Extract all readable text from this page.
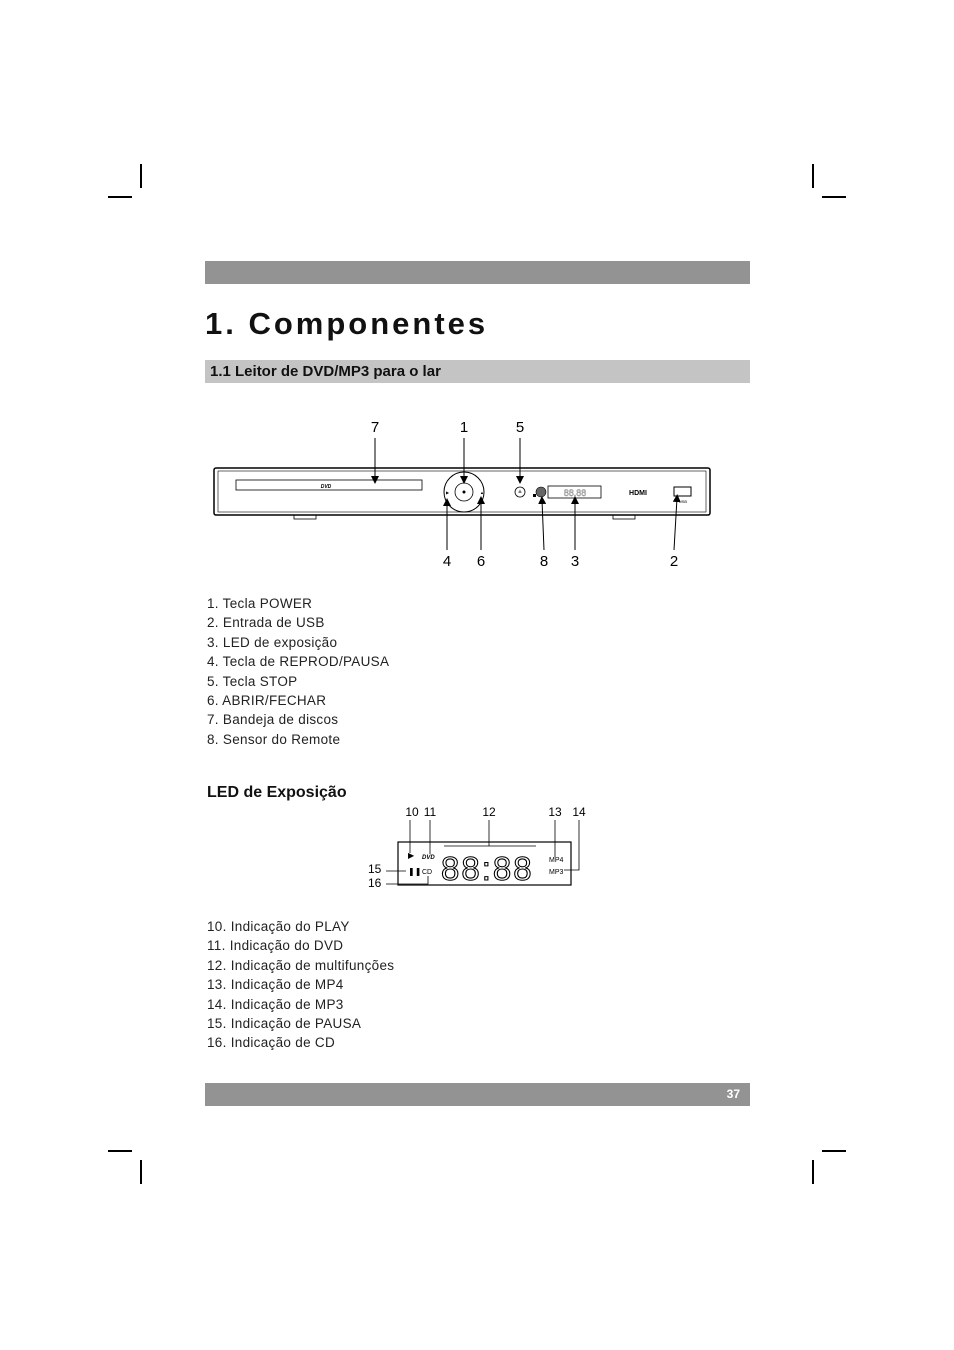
1. Componentes
1.1 Leitor de DVD/MP3 para o lar
7	1	5
4 6	8 3	2
DVD
▶	▲	≜	88.88	HDMI
USB
1. Tecla POWER
2. Entrada de USB
3. LED de exposição
4. Tecla de REPROD/PAUSA
5. Tecla STOP
6. ABRIR/FECHAR
7. Bandeja de discos
8. Sensor do Remote
LED de Exposição
10 11	12	13 14
15
16
▶ DVD
❚❚ CD 88:88 MP4
MP3
10. Indicação do PLAY
11. Indicação do DVD
12. Indicação de multifunções
13. Indicação de MP4
14. Indicação de MP3
15. Indicação de PAUSA
16. Indicação de CD
37
